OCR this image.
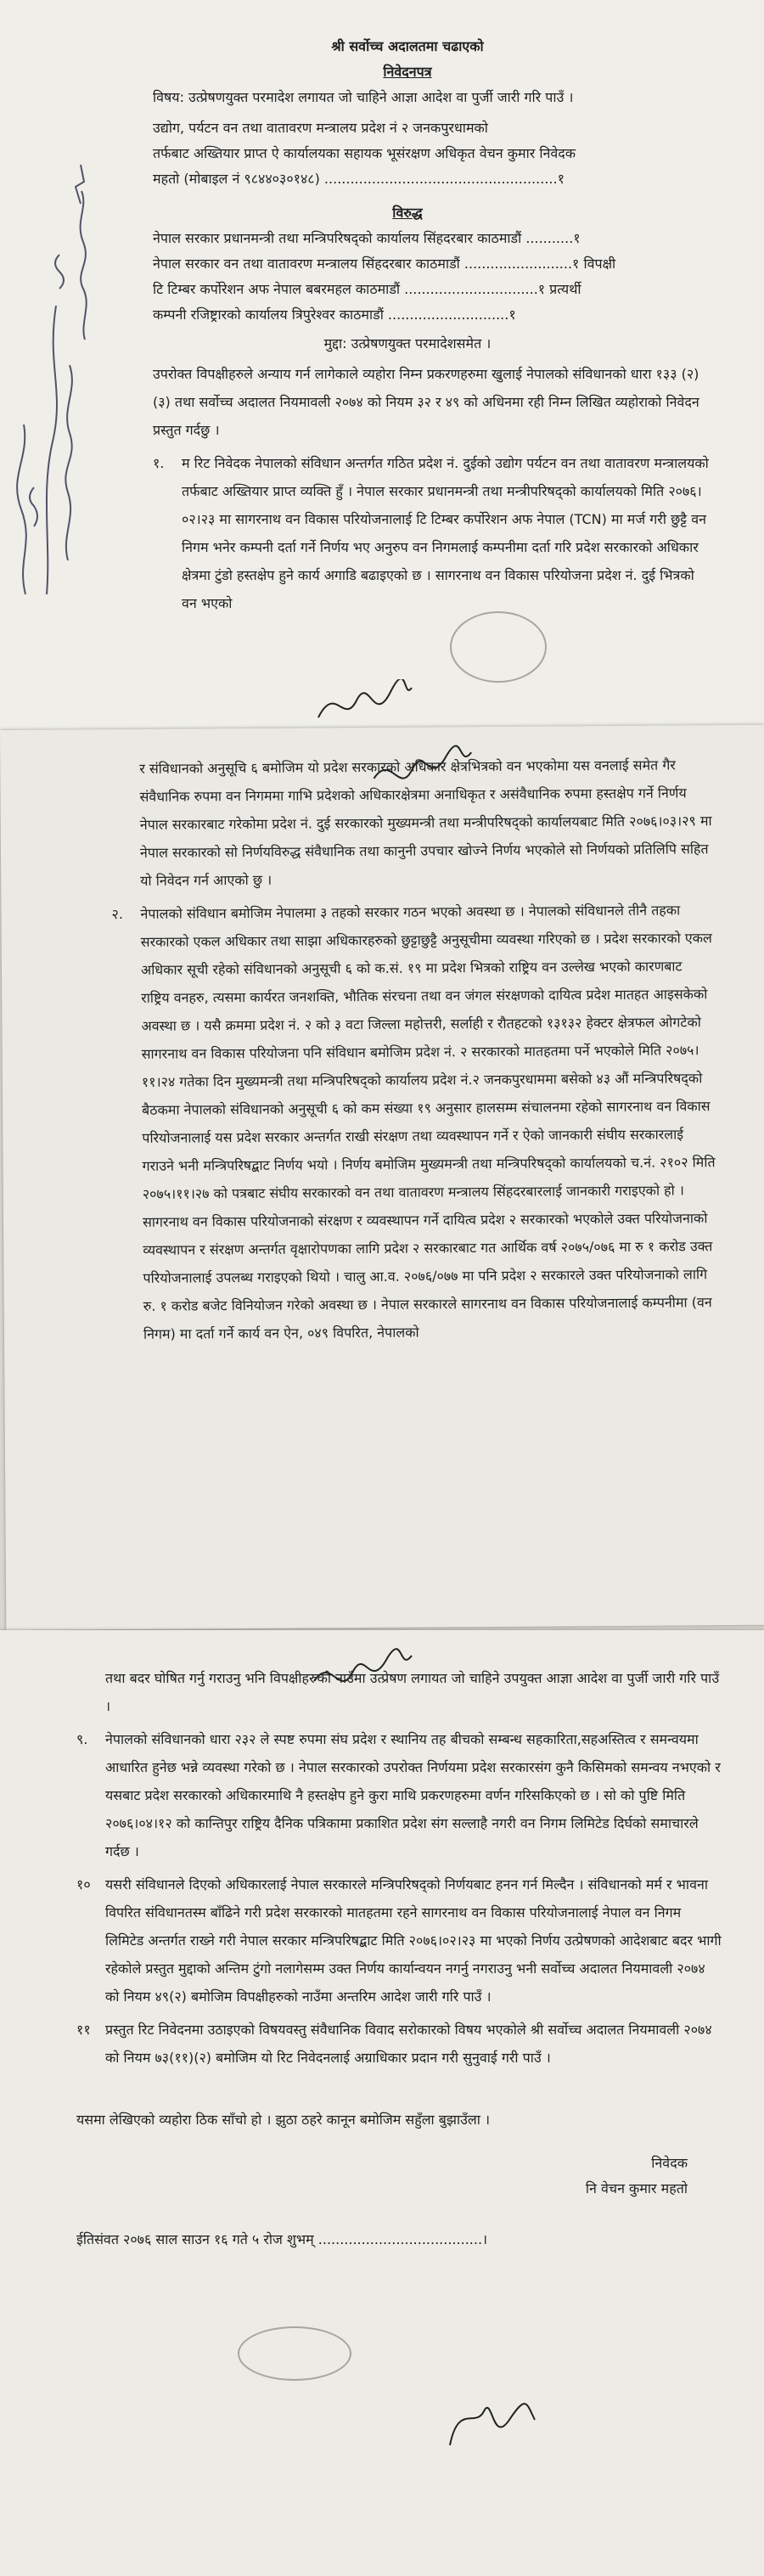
श्री सर्वोच्च अदालतमा चढाएको
निवेदनपत्र
विषय: उत्प्रेषणयुक्त परमादेश लगायत जो चाहिने आज्ञा आदेश वा पुर्जी जारी गरि पाउँ ।
उद्योग, पर्यटन वन तथा वातावरण मन्त्रालय प्रदेश नं २ जनकपुरधामको
तर्फबाट अख्तियार प्राप्त ऐ कार्यालयका सहायक भूसंरक्षण अधिकृत वेचन कुमार निवेदक
महतो (मोबाइल नं ९८४४०३०१४८) ......................................................१
विरुद्ध
नेपाल सरकार प्रधानमन्त्री तथा मन्त्रिपरिषद्को कार्यालय सिंहदरबार काठमाडौं ...........१
नेपाल सरकार वन तथा वातावरण मन्त्रालय सिंहदरबार काठमाडौं .........................१ विपक्षी
टि टिम्बर कर्पोरेशन अफ नेपाल बबरमहल काठमाडौं ...............................१ प्रत्यर्थी
कम्पनी रजिष्ट्रारको कार्यालय त्रिपुरेश्वर काठमाडौं ............................१
मुद्दा: उत्प्रेषणयुक्त परमादेशसमेत ।

उपरोक्त विपक्षीहरुले अन्याय गर्न लागेकाले व्यहोरा निम्न प्रकरणहरुमा खुलाई नेपालको संविधानको धारा १३३ (२) (३) तथा सर्वोच्च अदालत नियमावली २०७४ को नियम ३२ र ४९ को अधिनमा रही निम्न लिखित व्यहोराको निवेदन प्रस्तुत गर्दछु ।

१.	म रिट निवेदक नेपालको संविधान अन्तर्गत गठित प्रदेश नं. दुईको उद्योग पर्यटन वन तथा वातावरण मन्त्रालयको तर्फबाट अख्तियार प्राप्त व्यक्ति हुँ । नेपाल सरकार प्रधानमन्त्री तथा मन्त्रीपरिषद्को कार्यालयको मिति २०७६।०२।२३ मा सागरनाथ वन विकास परियोजनालाई टि टिम्बर कर्पोरेशन अफ नेपाल (TCN) मा मर्ज गरी छुट्टै वन निगम भनेर कम्पनी दर्ता गर्ने निर्णय भए अनुरुप वन निगमलाई कम्पनीमा दर्ता गरि प्रदेश सरकारको अधिकार क्षेत्रमा टुंडो हस्तक्षेप हुने कार्य अगाडि बढाइएको छ । सागरनाथ वन विकास परियोजना प्रदेश नं. दुई भित्रको वन भएको

र संविधानको अनुसूचि ६ बमोजिम यो प्रदेश सरकारको अधिकार क्षेत्रभित्रको वन भएकोमा यस वनलाई समेत गैर संवैधानिक रुपमा वन निगममा गाभि प्रदेशको अधिकारक्षेत्रमा अनाधिकृत र असंवैधानिक रुपमा हस्तक्षेप गर्ने निर्णय नेपाल सरकारबाट गरेकोमा प्रदेश नं. दुई सरकारको मुख्यमन्त्री तथा मन्त्रीपरिषद्को कार्यालयबाट मिति २०७६।०३।२९ मा नेपाल सरकारको सो निर्णयविरुद्ध संवैधानिक तथा कानुनी उपचार खोज्ने निर्णय भएकोले सो निर्णयको प्रतिलिपि सहित यो निवेदन गर्न आएको छु ।

२.	नेपालको संविधान बमोजिम नेपालमा ३ तहको सरकार गठन भएको अवस्था छ । नेपालको संविधानले तीनै तहका सरकारको एकल अधिकार तथा साझा अधिकारहरुको छुट्टाछुट्टै अनुसूचीमा व्यवस्था गरिएको छ । प्रदेश सरकारको एकल अधिकार सूची रहेको संविधानको अनुसूची ६ को क.सं. १९ मा प्रदेश भित्रको राष्ट्रिय वन उल्लेख भएको कारणबाट राष्ट्रिय वनहरु, त्यसमा कार्यरत जनशक्ति, भौतिक संरचना तथा वन जंगल संरक्षणको दायित्व प्रदेश मातहत आइसकेको अवस्था छ । यसै क्रममा प्रदेश नं. २ को ३ वटा जिल्ला महोत्तरी, सर्लाही र रौतहटको १३१३२ हेक्टर क्षेत्रफल ओगटेको सागरनाथ वन विकास परियोजना पनि संविधान बमोजिम प्रदेश नं. २ सरकारको मातहतमा पर्ने भएकोले मिति २०७५।११।२४ गतेका दिन मुख्यमन्त्री तथा मन्त्रिपरिषद्को कार्यालय प्रदेश नं.२ जनकपुरधाममा बसेको ४३ औं मन्त्रिपरिषद्को बैठकमा नेपालको संविधानको अनुसूची ६ को कम संख्या १९ अनुसार हालसम्म संचालनमा रहेको सागरनाथ वन विकास परियोजनालाई यस प्रदेश सरकार अन्तर्गत राखी संरक्षण तथा व्यवस्थापन गर्ने र ऐको जानकारी संघीय सरकारलाई गराउने भनी मन्त्रिपरिषद्बाट निर्णय भयो । निर्णय बमोजिम मुख्यमन्त्री तथा मन्त्रिपरिषद्को कार्यालयको च.नं. २१०२ मिति २०७५।११।२७ को पत्रबाट संघीय सरकारको वन तथा वातावरण मन्त्रालय सिंहदरबारलाई जानकारी गराइएको हो । सागरनाथ वन विकास परियोजनाको संरक्षण र व्यवस्थापन गर्ने दायित्व प्रदेश २ सरकारको भएकोले उक्त परियोजनाको व्यवस्थापन र संरक्षण अन्तर्गत वृक्षारोपणका लागि प्रदेश २ सरकारबाट गत आर्थिक वर्ष २०७५/०७६ मा रु १ करोड उक्त परियोजनालाई उपलब्ध गराइएको थियो । चालु आ.व. २०७६/०७७ मा पनि प्रदेश २ सरकारले उक्त परियोजनाको लागि रु. १ करोड बजेट विनियोजन गरेको अवस्था छ । नेपाल सरकारले सागरनाथ वन विकास परियोजनालाई कम्पनीमा (वन निगम) मा दर्ता गर्ने कार्य वन ऐन, ०४९ विपरित, नेपालको

तथा बदर घोषित गर्नु गराउनु भनि विपक्षीहरुको नाउँमा उत्प्रेषण लगायत जो चाहिने उपयुक्त आज्ञा आदेश वा पुर्जी जारी गरि पाउँ ।

९.	नेपालको संविधानको धारा २३२ ले स्पष्ट रुपमा संघ प्रदेश र स्थानिय तह बीचको सम्बन्ध सहकारिता,सहअस्तित्व र समन्वयमा आधारित हुनेछ भन्ने व्यवस्था गरेको छ । नेपाल सरकारको उपरोक्त निर्णयमा प्रदेश सरकारसंग कुनै किसिमको समन्वय नभएको र यसबाट प्रदेश सरकारको अधिकारमाथि नै हस्तक्षेप हुने कुरा माथि प्रकरणहरुमा वर्णन गरिसकिएको छ । सो को पुष्टि मिति २०७६।०४।१२ को कान्तिपुर राष्ट्रिय दैनिक पत्रिकामा प्रकाशित प्रदेश संग सल्लाहै नगरी वन निगम लिमिटेड दिर्घको समाचारले गर्दछ ।
१०	यसरी संविधानले दिएको अधिकारलाई नेपाल सरकारले मन्त्रिपरिषद्को निर्णयबाट हनन गर्न मिल्दैन । संविधानको मर्म र भावना विपरित संविधानतस्म बाँढिने गरी प्रदेश सरकारको मातहतमा रहने सागरनाथ वन विकास परियोजनालाई नेपाल वन निगम लिमिटेड अन्तर्गत राख्ने गरी नेपाल सरकार मन्त्रिपरिषद्बाट मिति २०७६।०२।२३ मा भएको निर्णय उत्प्रेषणको आदेशबाट बदर भागी रहेकोले प्रस्तुत मुद्दाको अन्तिम टुंगो नलागेसम्म उक्त निर्णय कार्यान्वयन नगर्नु नगराउनु भनी सर्वोच्च अदालत नियमावली २०७४ को नियम ४९(२) बमोजिम विपक्षीहरुको नाउँमा अन्तरिम आदेश जारी गरि पाउँ ।
११	प्रस्तुत रिट निवेदनमा उठाइएको विषयवस्तु संवैधानिक विवाद सरोकारको विषय भएकोले श्री सर्वोच्च अदालत नियमावली २०७४ को नियम ७३(११)(२) बमोजिम यो रिट निवेदनलाई अग्राधिकार प्रदान गरी सुनुवाई गरी पाउँ ।

यसमा लेखिएको व्यहोरा ठिक साँचो हो । झुठा ठहरे कानून बमोजिम सहुँला बुझाउँला ।

निवेदक
नि वेचन कुमार महतो
ईतिसंवत २०७६ साल साउन १६ गते ५ रोज शुभम् ......................................।
